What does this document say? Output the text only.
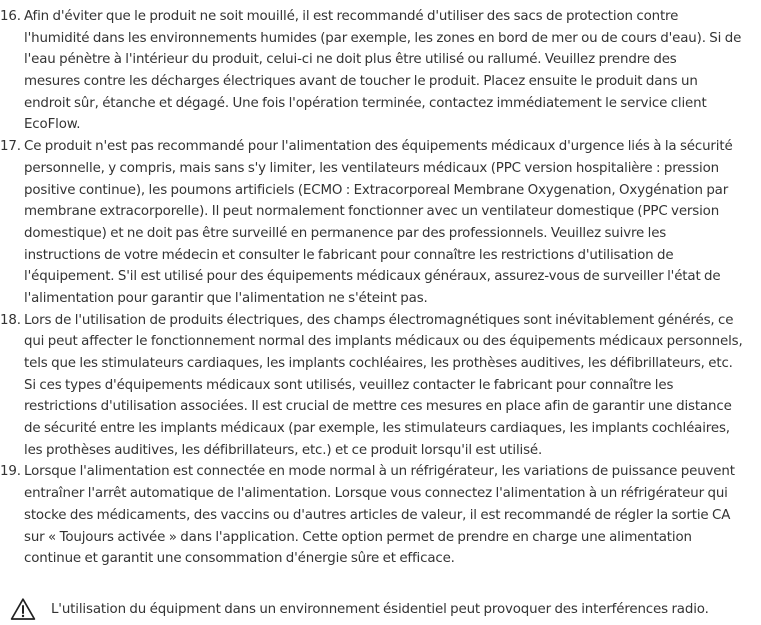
16. Afin d'éviter que le produit ne soit mouillé, il est recommandé d'utiliser des sacs de protection contre
l'humidité dans les environnements humides (par exemple, les zones en bord de mer ou de cours d'eau). Si de
l'eau pénètre à l'intérieur du produit, celui-ci ne doit plus être utilisé ou rallumé. Veuillez prendre des
mesures contre les décharges électriques avant de toucher le produit. Placez ensuite le produit dans un
endroit sûr, étanche et dégagé. Une fois l'opération terminée, contactez immédiatement le service client
EcoFlow.
17. Ce produit n'est pas recommandé pour l'alimentation des équipements médicaux d'urgence liés à la sécurité
personnelle, y compris, mais sans s'y limiter, les ventilateurs médicaux (PPC version hospitalière : pression
positive continue), les poumons artificiels (ECMO : Extracorporeal Membrane Oxygenation, Oxygénation par
membrane extracorporelle). Il peut normalement fonctionner avec un ventilateur domestique (PPC version
domestique) et ne doit pas être surveillé en permanence par des professionnels. Veuillez suivre les
instructions de votre médecin et consulter le fabricant pour connaître les restrictions d'utilisation de
l'équipement. S'il est utilisé pour des équipements médicaux généraux, assurez-vous de surveiller l'état de
l'alimentation pour garantir que l'alimentation ne s'éteint pas.
18. Lors de l'utilisation de produits électriques, des champs électromagnétiques sont inévitablement générés, ce
qui peut affecter le fonctionnement normal des implants médicaux ou des équipements médicaux personnels,
tels que les stimulateurs cardiaques, les implants cochléaires, les prothèses auditives, les défibrillateurs, etc.
Si ces types d'équipements médicaux sont utilisés, veuillez contacter le fabricant pour connaître les
restrictions d'utilisation associées. Il est crucial de mettre ces mesures en place afin de garantir une distance
de sécurité entre les implants médicaux (par exemple, les stimulateurs cardiaques, les implants cochléaires,
les prothèses auditives, les défibrillateurs, etc.) et ce produit lorsqu'il est utilisé.
19. Lorsque l'alimentation est connectée en mode normal à un réfrigérateur, les variations de puissance peuvent
entraîner l'arrêt automatique de l'alimentation. Lorsque vous connectez l'alimentation à un réfrigérateur qui
stocke des médicaments, des vaccins ou d'autres articles de valeur, il est recommandé de régler la sortie CA
sur « Toujours activée » dans l'application. Cette option permet de prendre en charge une alimentation
continue et garantit une consommation d'énergie sûre et efficace.
L'utilisation du équipment dans un environnement ésidentiel peut provoquer des interférences radio.
